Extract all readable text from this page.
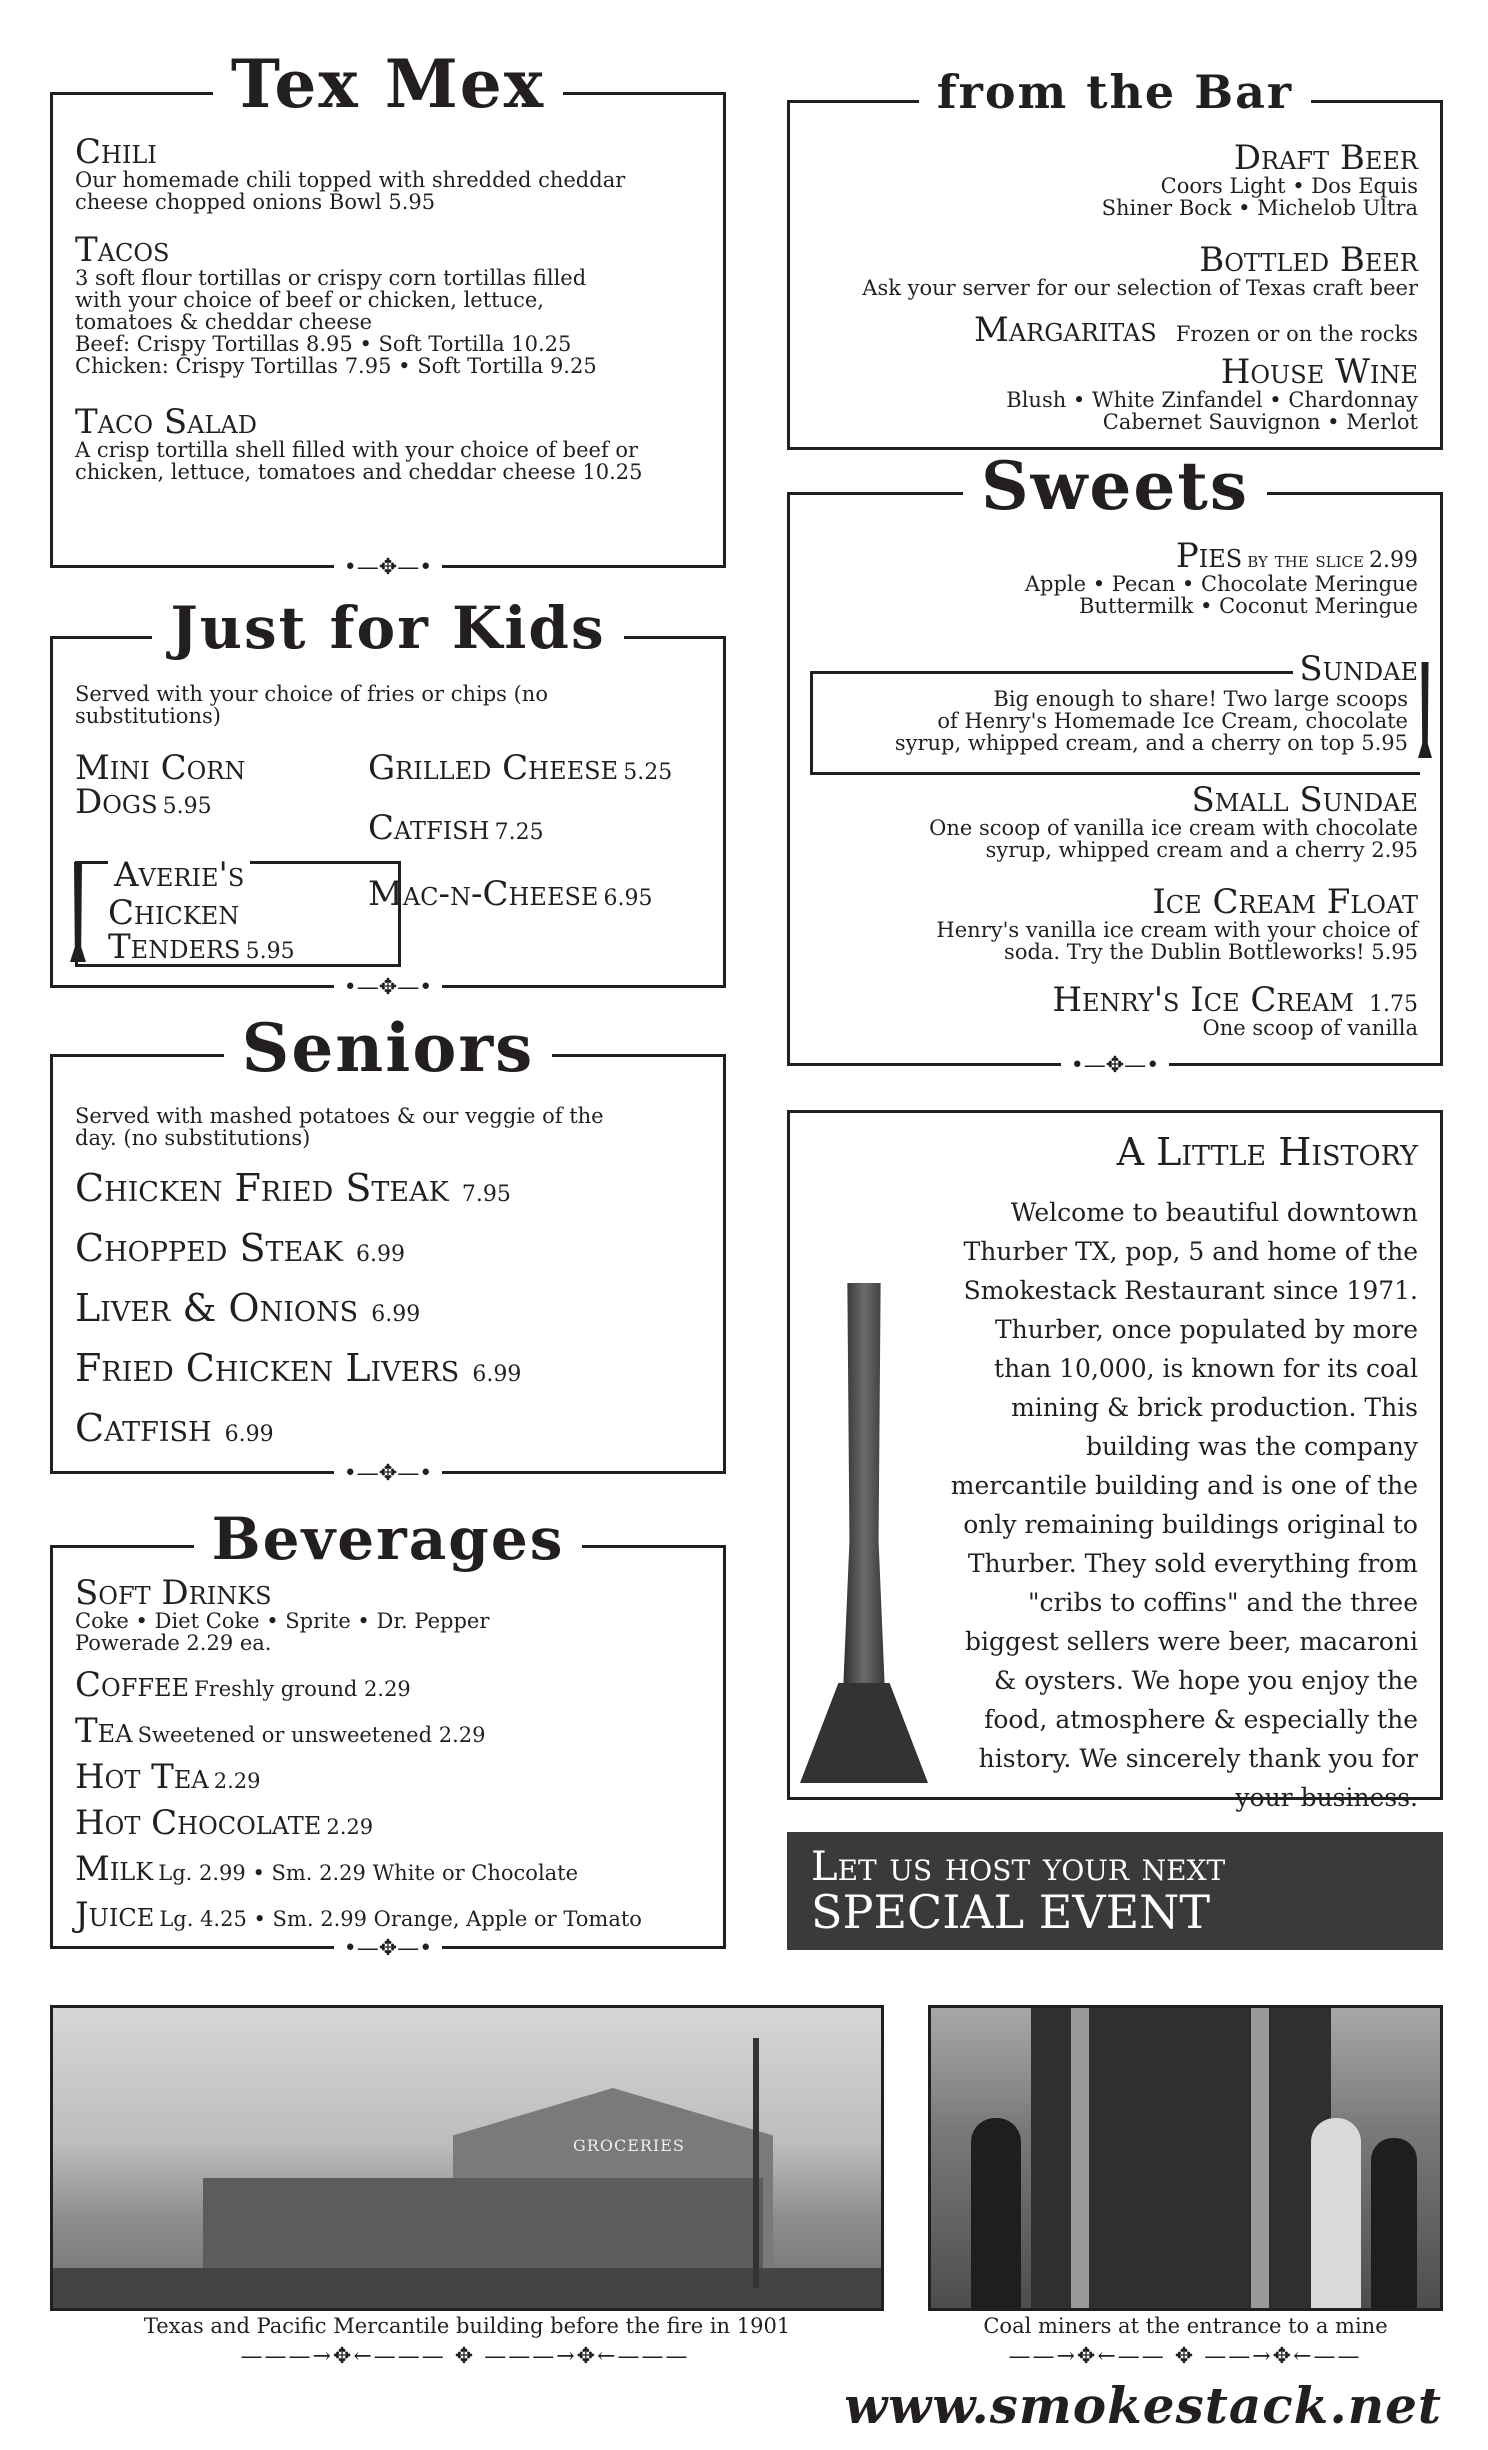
Tex Mex
Chili
Our homemade chili topped with shredded cheddar cheese chopped onions Bowl 5.95
Tacos
3 soft flour tortillas or crispy corn tortillas filled with your choice of beef or chicken, lettuce, tomatoes & cheddar cheese
Beef: Crispy Tortillas 8.95 • Soft Tortilla 10.25
Chicken: Crispy Tortillas 7.95 • Soft Tortilla 9.25
Taco Salad
A crisp tortilla shell filled with your choice of beef or chicken, lettuce, tomatoes and cheddar cheese 10.25
•—✥—•
from the Bar
Draft Beer
Coors Light • Dos Equis
Shiner Bock • Michelob Ultra
Bottled Beer
Ask your server for our selection of Texas craft beer
Margaritas Frozen or on the rocks
House Wine
Blush • White Zinfandel • Chardonnay
Cabernet Sauvignon • Merlot
Just for Kids
Served with your choice of fries or chips (no substitutions)
Mini Corn
Dogs 5.95
Averie's
Chicken
Tenders 5.95
Grilled Cheese 5.25
Catfish 7.25
Mac-n-Cheese 6.95
•—✥—•
Sweets
Pies by the slice 2.99
Apple • Pecan • Chocolate Meringue
Buttermilk • Coconut Meringue
Sundae
Big enough to share! Two large scoops
of Henry's Homemade Ice Cream, chocolate
syrup, whipped cream, and a cherry on top 5.95
Small Sundae
One scoop of vanilla ice cream with chocolate
syrup, whipped cream and a cherry 2.95
Ice Cream Float
Henry's vanilla ice cream with your choice of
soda. Try the Dublin Bottleworks! 5.95
Henry's Ice Cream 1.75
One scoop of vanilla
•—✥—•
Seniors
Served with mashed potatoes & our veggie of the day. (no substitutions)
Chicken Fried Steak 7.95
Chopped Steak 6.99
Liver & Onions 6.99
Fried Chicken Livers 6.99
Catfish 6.99
•—✥—•
A Little History
Welcome to beautiful downtown Thurber TX, pop, 5 and home of the Smokestack Restaurant since 1971. Thurber, once populated by more than 10,000, is known for its coal mining & brick production. This building was the company mercantile building and is one of the only remaining buildings original to Thurber. They sold everything from "cribs to coffins" and the three biggest sellers were beer, macaroni & oysters. We hope you enjoy the food, atmosphere & especially the history. We sincerely thank you for your business.
Beverages
Soft Drinks
Coke • Diet Coke • Sprite • Dr. Pepper
Powerade 2.29 ea.
Coffee Freshly ground 2.29
Tea Sweetened or unsweetened 2.29
Hot Tea 2.29
Hot Chocolate 2.29
Milk Lg. 2.99 • Sm. 2.29 White or Chocolate
Juice Lg. 4.25 • Sm. 2.99 Orange, Apple or Tomato
•—✥—•
Let us host your next
SPECIAL EVENT
GROCERIES
Texas and Pacific Mercantile building before the fire in 1901
———→✥←——— ✥ ———→✥←———
Coal miners at the entrance to a mine
——→✥←—— ✥ ——→✥←——
www.smokestack.net
